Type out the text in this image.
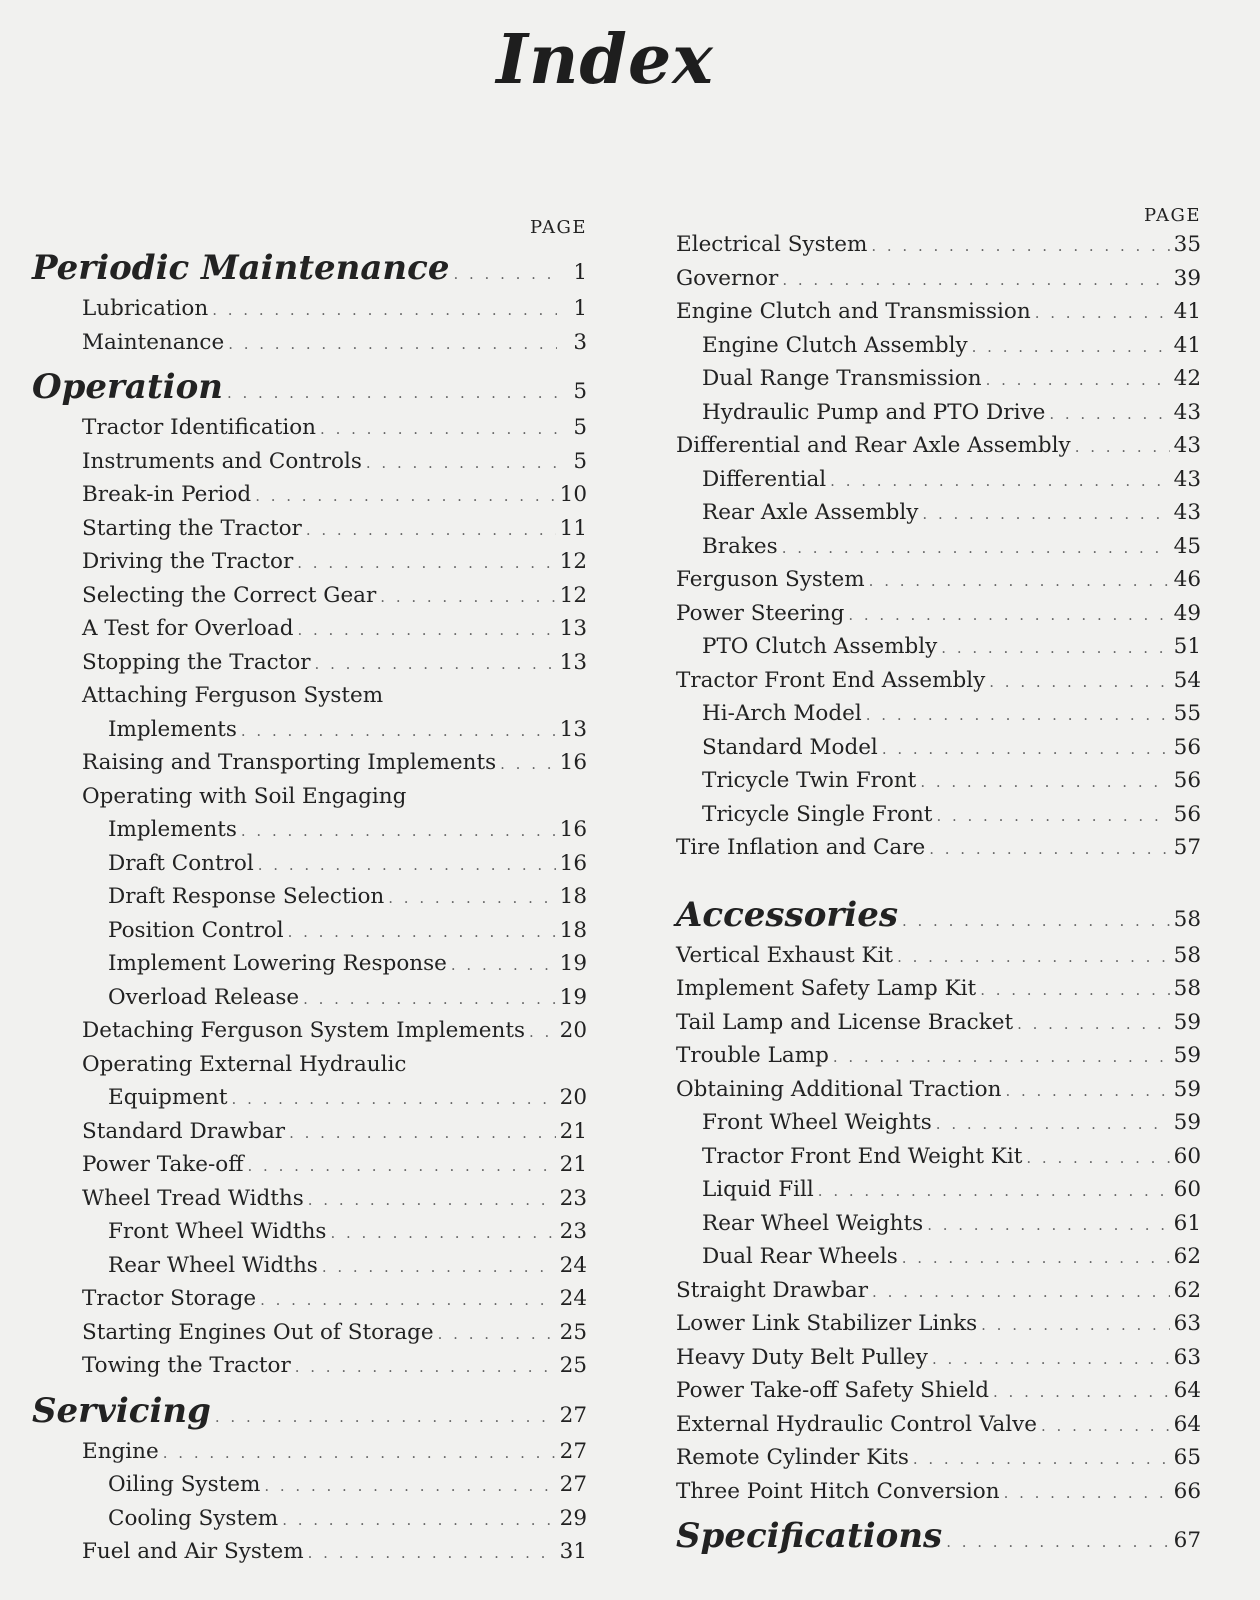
Index
PAGE
Periodic Maintenance . . .	1
Lubrication . . .	1
Maintenance . . .	3
Operation . . .	5
Tractor Identification . . .	5
Instruments and Controls . . .	5
Break-in Period . . .	10
Starting the Tractor . . .	11
Driving the Tractor . . .	12
Selecting the Correct Gear . . .	12
A Test for Overload . . .	13
Stopping the Tractor . . .	13
Attaching Ferguson System
Implements . . .	13
Raising and Transporting Implements . . .	16
Operating with Soil Engaging
Implements . . .	16
Draft Control . . .	16
Draft Response Selection . . .	18
Position Control . . .	18
Implement Lowering Response . . .	19
Overload Release . . .	19
Detaching Ferguson System Implements . . . 20
Operating External Hydraulic
Equipment . . .	20
Standard Drawbar . . .	21
Power Take-off . . .	21
Wheel Tread Widths . . .	23
Front Wheel Widths . . .	23
Rear Wheel Widths . . .	24
Tractor Storage . . .	24
Starting Engines Out of Storage . . .	25
Towing the Tractor . . .	25
Servicing . . .	27
Engine . . .	27
Oiling System . . .	27
Cooling System . . .	29
Fuel and Air System . . .	31
PAGE
Electrical System . . .	35
Governor . . .	39
Engine Clutch and Transmission . . .	41
Engine Clutch Assembly . . .	41
Dual Range Transmission . . .	42
Hydraulic Pump and PTO Drive . . .	43
Differential and Rear Axle Assembly . . .	43
Differential . . .	43
Rear Axle Assembly . . .	43
Brakes . . .	45
Ferguson System . . .	46
Power Steering . . .	49
PTO Clutch Assembly . . .	51
Tractor Front End Assembly . . .	54
Hi-Arch Model . . .	55
Standard Model . . .	56
Tricycle Twin Front . . .	56
Tricycle Single Front . . .	56
Tire Inflation and Care . . .	57
Accessories . . .	58
Vertical Exhaust Kit . . .	58
Implement Safety Lamp Kit . . .	58
Tail Lamp and License Bracket . . .	59
Trouble Lamp . . .	59
Obtaining Additional Traction . . .	59
Front Wheel Weights . . .	59
Tractor Front End Weight Kit . . .	60
Liquid Fill . . .	60
Rear Wheel Weights . . .	61
Dual Rear Wheels . . .	62
Straight Drawbar . . .	62
Lower Link Stabilizer Links . . .	63
Heavy Duty Belt Pulley . . .	63
Power Take-off Safety Shield . . .	64
External Hydraulic Control Valve . . .	64
Remote Cylinder Kits . . .	65
Three Point Hitch Conversion . . .	66
Specifications . . .	67
